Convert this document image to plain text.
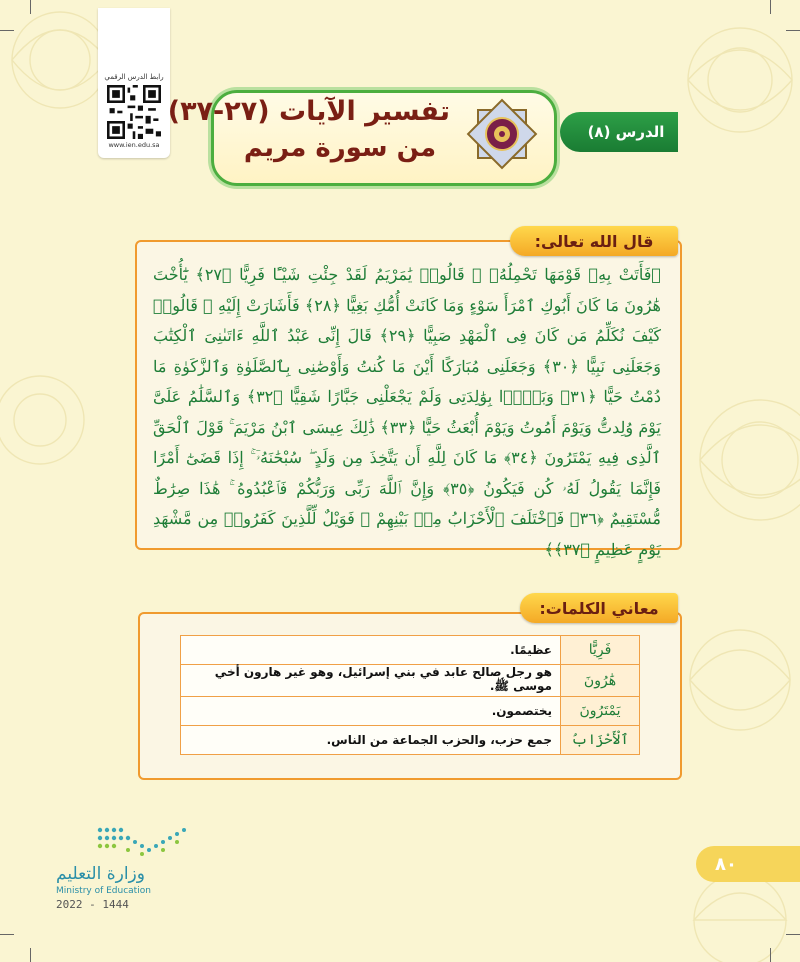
رابط الدرس الرقمي
www.ien.edu.sa
الدرس (٨)
تفسير الآيات (٢٧-٣٧)
من سورة مريم
قال الله تعالى:
﴿فَأَتَتْ بِهِۦ قَوْمَهَا تَحْمِلُهُۥ ۖ قَالُوا۟ يَٰمَرْيَمُ لَقَدْ جِئْتِ شَيْـًٔا فَرِيًّا ﴿٢٧﴾ يَٰٓأُخْتَ هَٰرُونَ مَا كَانَ أَبُوكِ ٱمْرَأَ سَوْءٍ وَمَا كَانَتْ أُمُّكِ بَغِيًّا ﴿٢٨﴾ فَأَشَارَتْ إِلَيْهِ ۖ قَالُوا۟ كَيْفَ نُكَلِّمُ مَن كَانَ فِى ٱلْمَهْدِ صَبِيًّا ﴿٢٩﴾ قَالَ إِنِّى عَبْدُ ٱللَّهِ ءَاتَىٰنِىَ ٱلْكِتَٰبَ وَجَعَلَنِى نَبِيًّا ﴿٣٠﴾ وَجَعَلَنِى مُبَارَكًا أَيْنَ مَا كُنتُ وَأَوْصَٰنِى بِٱلصَّلَوٰةِ وَٱلزَّكَوٰةِ مَا دُمْتُ حَيًّا ﴿٣١﴾ وَبَرًّۢا بِوَٰلِدَتِى وَلَمْ يَجْعَلْنِى جَبَّارًا شَقِيًّا ﴿٣٢﴾ وَٱلسَّلَٰمُ عَلَىَّ يَوْمَ وُلِدتُّ وَيَوْمَ أَمُوتُ وَيَوْمَ أُبْعَثُ حَيًّا ﴿٣٣﴾ ذَٰلِكَ عِيسَى ٱبْنُ مَرْيَمَ ۚ قَوْلَ ٱلْحَقِّ ٱلَّذِى فِيهِ يَمْتَرُونَ ﴿٣٤﴾ مَا كَانَ لِلَّهِ أَن يَتَّخِذَ مِن وَلَدٍ ۖ سُبْحَٰنَهُۥٓ ۚ إِذَا قَضَىٰٓ أَمْرًا فَإِنَّمَا يَقُولُ لَهُۥ كُن فَيَكُونُ ﴿٣٥﴾ وَإِنَّ ٱللَّهَ رَبِّى وَرَبُّكُمْ فَٱعْبُدُوهُ ۚ هَٰذَا صِرَٰطٌ مُّسْتَقِيمٌ ﴿٣٦﴾ فَٱخْتَلَفَ ٱلْأَحْزَابُ مِنۢ بَيْنِهِمْ ۖ فَوَيْلٌ لِّلَّذِينَ كَفَرُوا۟ مِن مَّشْهَدِ يَوْمٍ عَظِيمٍ ﴿٣٧﴾﴾
معاني الكلمات:
فَرِيًّا	عظيمًا.
هَٰرُونَ	هو رجل صالح عابد في بني إسرائيل، وهو غير هارون أخي موسى ﷺ.
يَمْتَرُونَ	يختصمون.
ٱلْأَحْزَابُ	جمع حزب، والحزب الجماعة من الناس.
وزارة التعليم
Ministry of Education
2022 - 1444
٨٠
